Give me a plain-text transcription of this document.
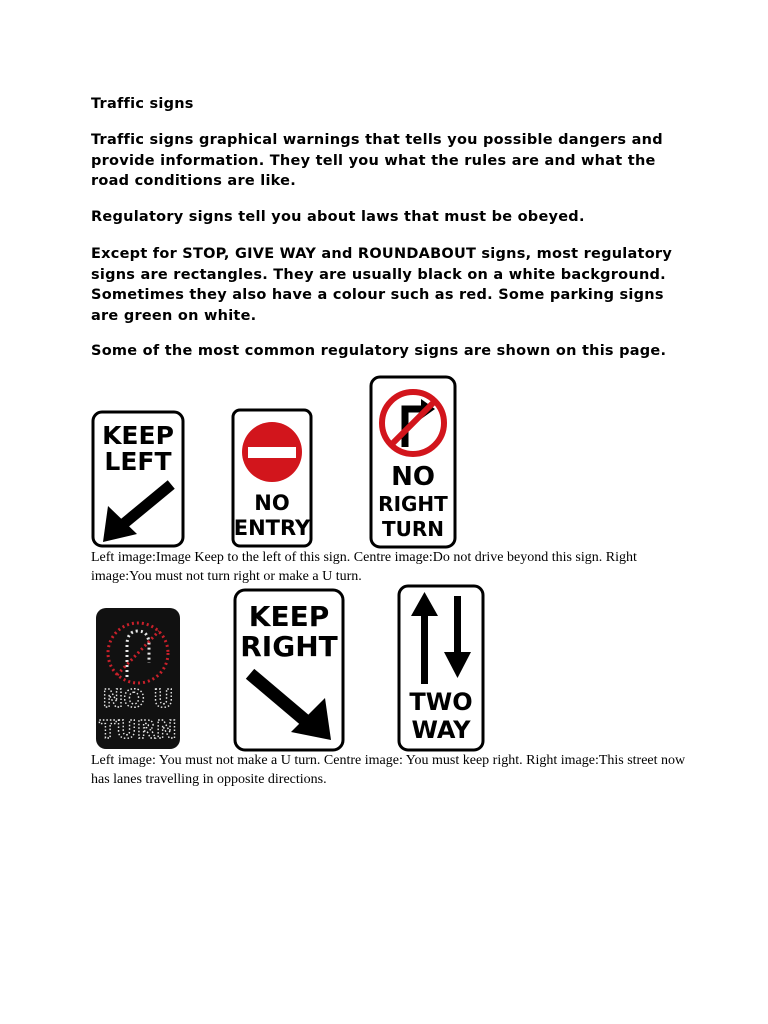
Traffic signs

Traffic signs graphical warnings that tells you possible dangers and provide information. They tell you what the rules are and what the road conditions are like.

Regulatory signs tell you about laws that must be obeyed.

Except for STOP, GIVE WAY and ROUNDABOUT signs, most regulatory signs are rectangles. They are usually black on a white background. Sometimes they also have a colour such as red. Some parking signs are green on white.

Some of the most common regulatory signs are shown on this page.

KEEP
LEFT
NO
ENTRY
NO
RIGHT
TURN

Left image:Image Keep to the left of this sign. Centre image:Do not drive beyond this sign. Right image:You must not turn right or make a U turn.

NO U
TURN
KEEP
RIGHT
TWO
WAY

Left image: You must not make a U turn. Centre image: You must keep right. Right image:This street now has lanes travelling in opposite directions.
